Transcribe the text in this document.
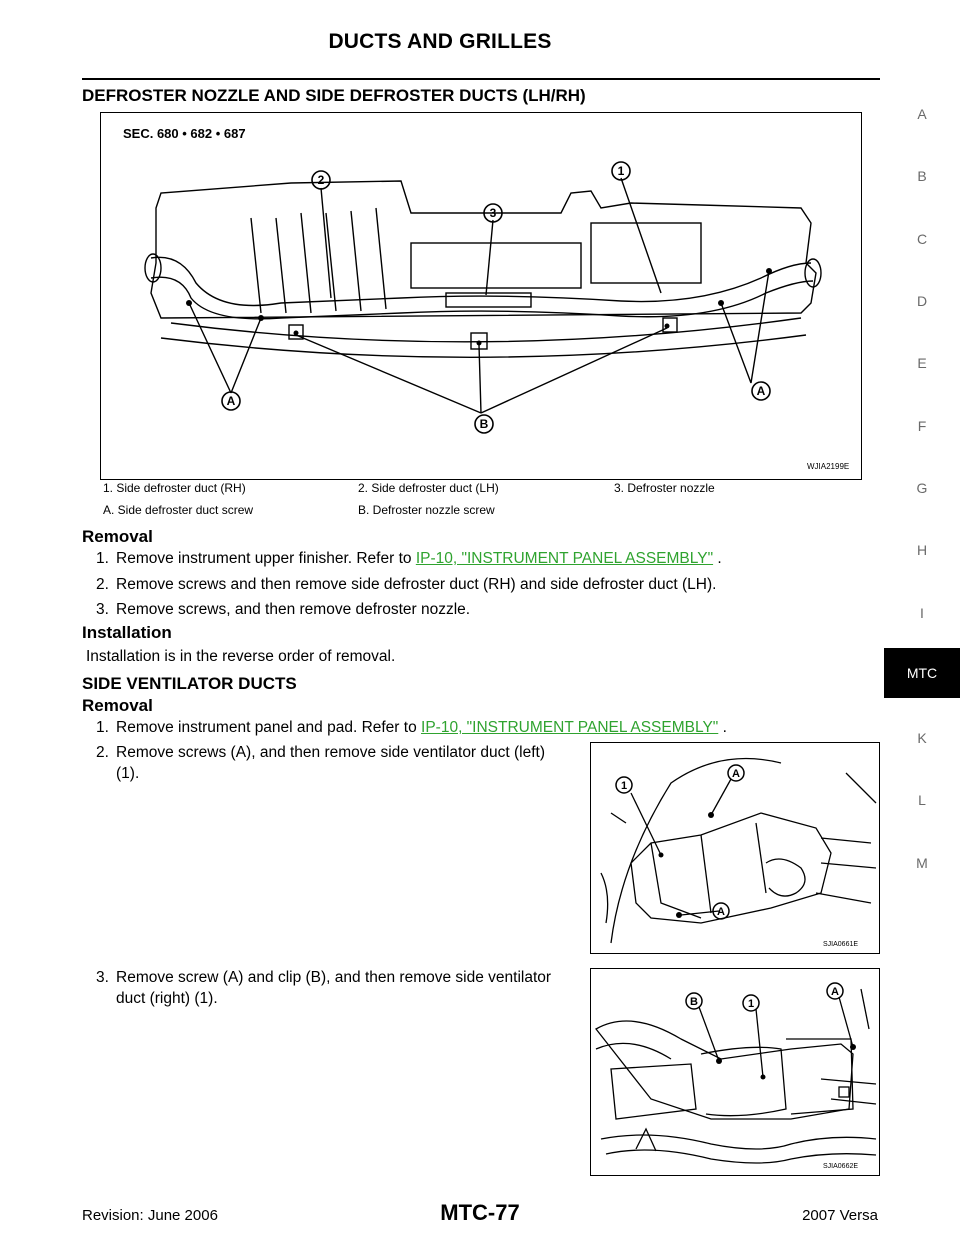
DUCTS AND GRILLES
DEFROSTER NOZZLE AND SIDE DEFROSTER DUCTS (LH/RH)
2
1
3
A
A
B
SEC. 680 • 682 • 687
WJIA2199E
1. Side defroster duct (RH)	2. Side defroster duct (LH)	3. Defroster nozzle
A. Side defroster duct screw	B. Defroster nozzle screw
Removal
1. Remove instrument upper finisher. Refer to IP-10, "INSTRUMENT PANEL ASSEMBLY" .
2. Remove screws and then remove side defroster duct (RH) and side defroster duct (LH).
3. Remove screws, and then remove defroster nozzle.
Installation
Installation is in the reverse order of removal.
SIDE VENTILATOR DUCTS
Removal
1. Remove instrument panel and pad. Refer to IP-10, "INSTRUMENT PANEL ASSEMBLY" .
2. Remove screws (A), and then remove side ventilator duct (left)
(1).
1
A
A
SJIA0661E
3. Remove screw (A) and clip (B), and then remove side ventilator
duct (right) (1).	B	1
A
SJIA0662E
A
B
C
D
E
F
G
H
I
MTC
K
L
M
Revision: June 2006	MTC-77	2007 Versa
